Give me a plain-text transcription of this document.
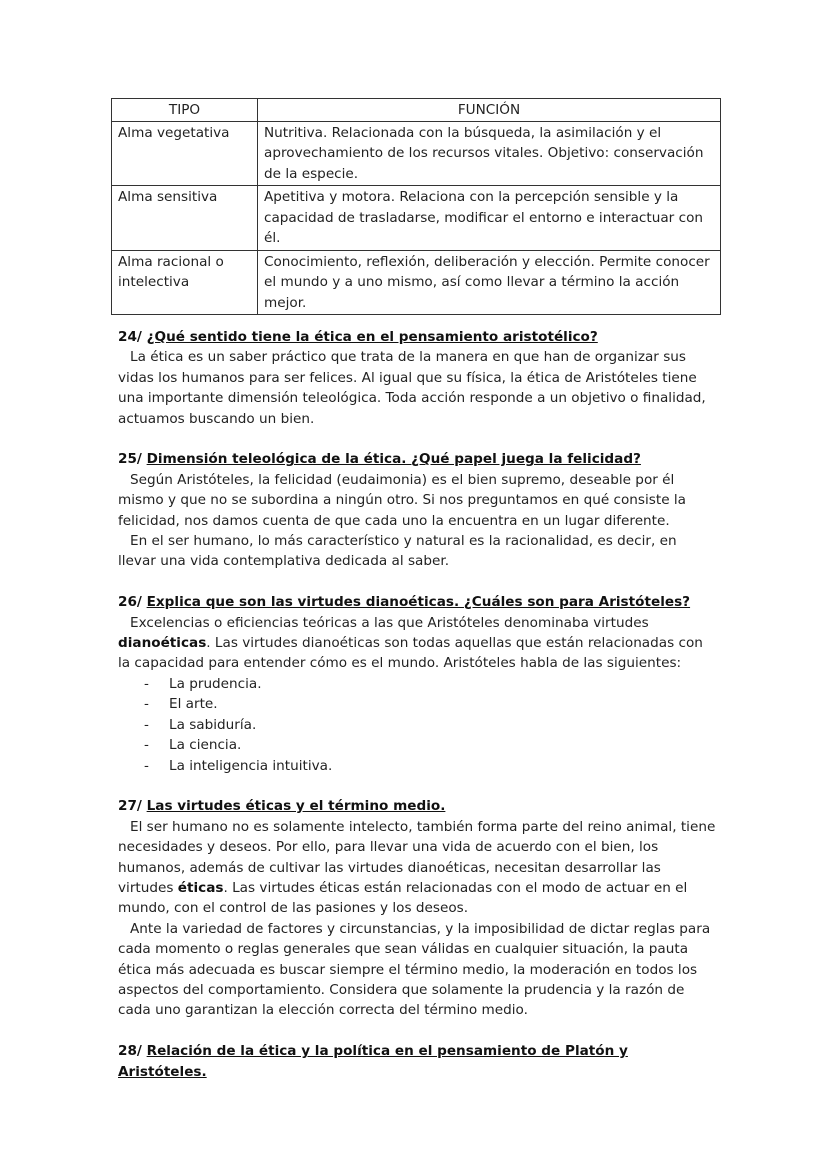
TIPO	FUNCIÓN
Alma vegetativa	Nutritiva. Relacionada con la búsqueda, la asimilación y el aprovechamiento de los recursos vitales. Objetivo: conservación de la especie.
Alma sensitiva	Apetitiva y motora. Relaciona con la percepción sensible y la capacidad de trasladarse, modificar el entorno e interactuar con él.
Alma racional o intelectiva	Conocimiento, reflexión, deliberación y elección. Permite conocer el mundo y a uno mismo, así como llevar a término la acción mejor.

24/ ¿Qué sentido tiene la ética en el pensamiento aristotélico?

La ética es un saber práctico que trata de la manera en que han de organizar sus vidas los humanos para ser felices. Al igual que su física, la ética de Aristóteles tiene una importante dimensión teleológica. Toda acción responde a un objetivo o finalidad, actuamos buscando un bien.

25/ Dimensión teleológica de la ética. ¿Qué papel juega la felicidad?

Según Aristóteles, la felicidad (eudaimonia) es el bien supremo, deseable por él mismo y que no se subordina a ningún otro. Si nos preguntamos en qué consiste la felicidad, nos damos cuenta de que cada uno la encuentra en un lugar diferente.

En el ser humano, lo más característico y natural es la racionalidad, es decir, en llevar una vida contemplativa dedicada al saber.

26/ Explica que son las virtudes dianoéticas. ¿Cuáles son para Aristóteles?

Excelencias o eficiencias teóricas a las que Aristóteles denominaba virtudes dianoéticas. Las virtudes dianoéticas son todas aquellas que están relacionadas con la capacidad para entender cómo es el mundo. Aristóteles habla de las siguientes:

- La prudencia.
- El arte.
- La sabiduría.
- La ciencia.
- La inteligencia intuitiva.

27/ Las virtudes éticas y el término medio.

El ser humano no es solamente intelecto, también forma parte del reino animal, tiene necesidades y deseos. Por ello, para llevar una vida de acuerdo con el bien, los humanos, además de cultivar las virtudes dianoéticas, necesitan desarrollar las virtudes éticas. Las virtudes éticas están relacionadas con el modo de actuar en el mundo, con el control de las pasiones y los deseos.

Ante la variedad de factores y circunstancias, y la imposibilidad de dictar reglas para cada momento o reglas generales que sean válidas en cualquier situación, la pauta ética más adecuada es buscar siempre el término medio, la moderación en todos los aspectos del comportamiento. Considera que solamente la prudencia y la razón de cada uno garantizan la elección correcta del término medio.

28/ Relación de la ética y la política en el pensamiento de Platón y Aristóteles.
